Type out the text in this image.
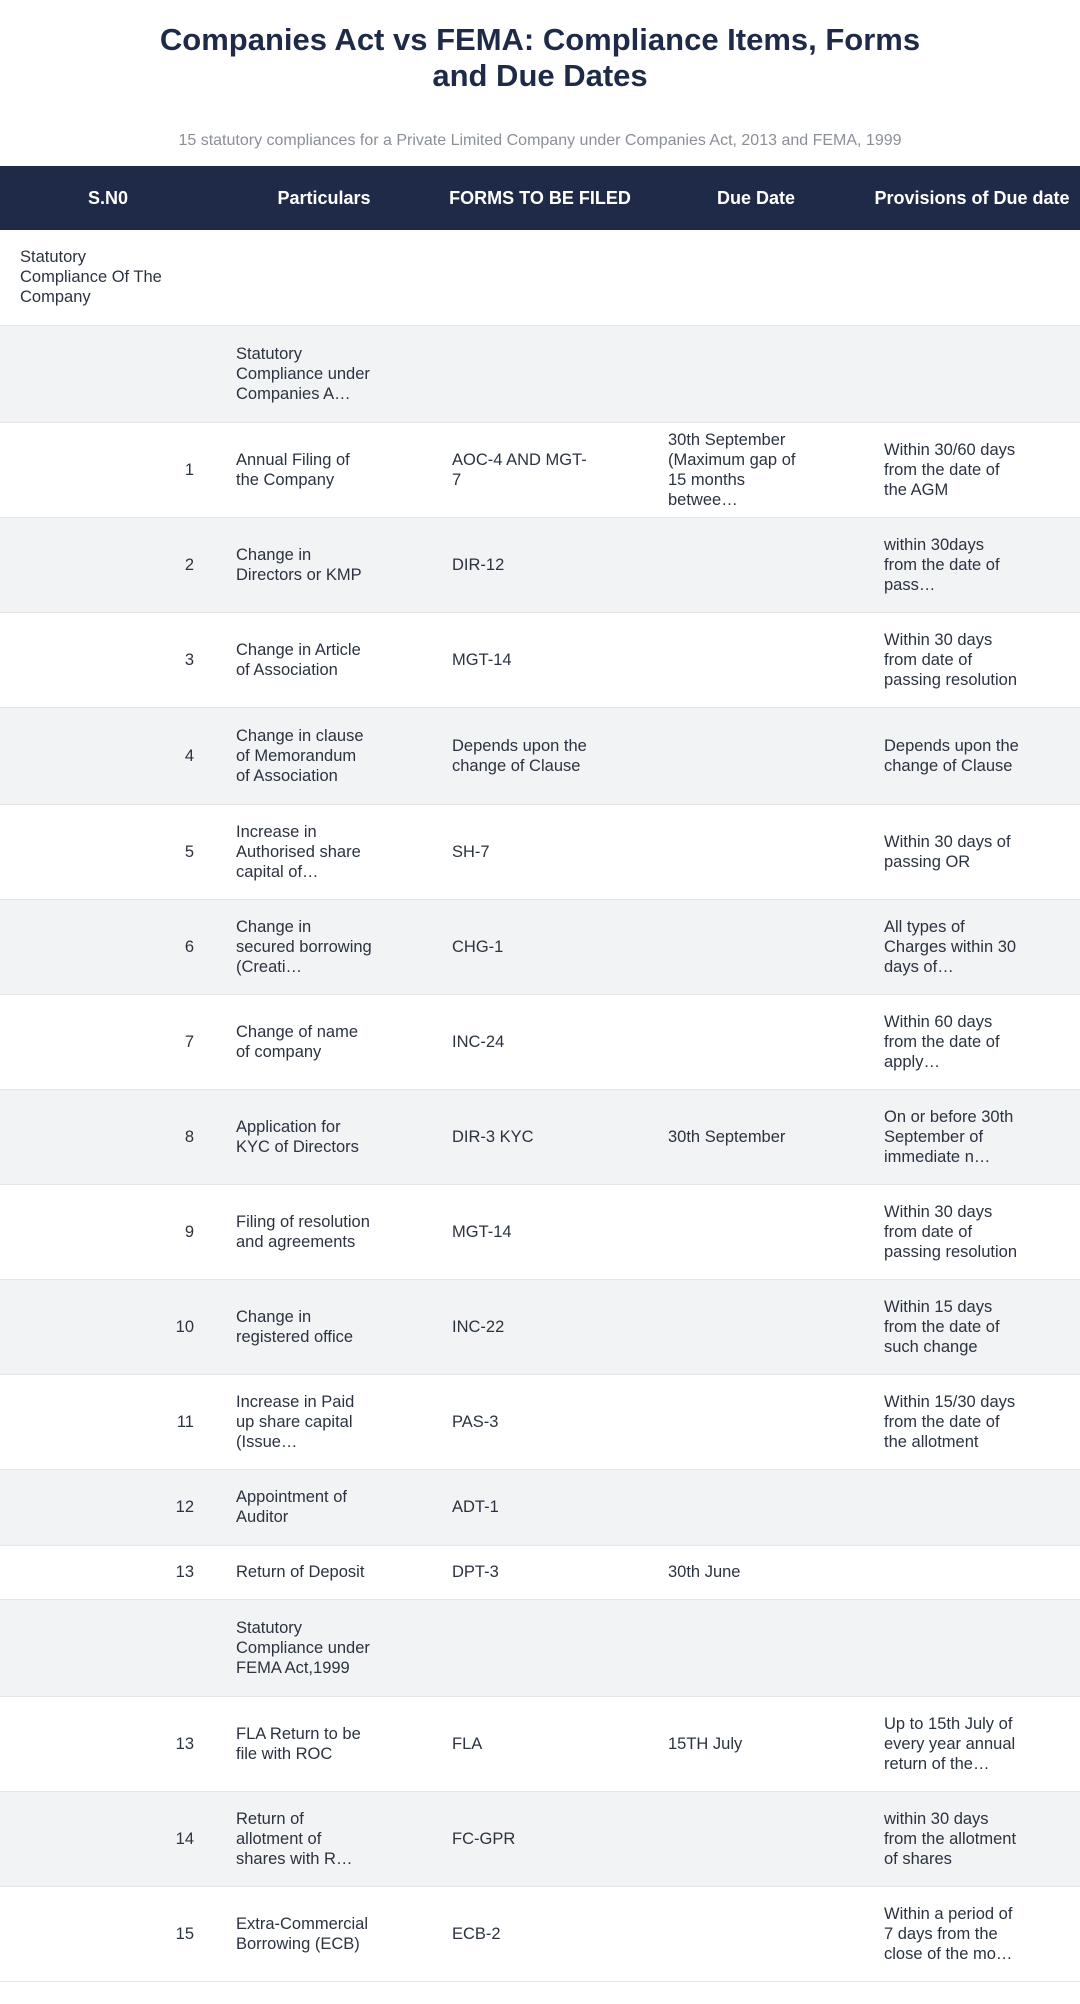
Companies Act vs FEMA: Compliance Items, Forms
and Due Dates

15 statutory compliances for a Private Limited Company under Companies Act, 2013 and FEMA, 1999

S.N0	Particulars	FORMS TO BE FILED	Due Date	Provisions of Due date
Statutory Compliance Of The Company				
	Statutory Compliance under Companies A…			
1	Annual Filing of the Company	AOC-4 AND MGT-7	30th September (Maximum gap of 15 months betwee…	Within 30/60 days from the date of the AGM
2	Change in Directors or KMP	DIR-12		within 30days from the date of pass…
3	Change in Article of Association	MGT-14		Within 30 days from date of passing resolution
4	Change in clause of Memorandum of Association	Depends upon the change of Clause		Depends upon the change of Clause
5	Increase in Authorised share capital of…	SH-7		Within 30 days of passing OR
6	Change in secured borrowing (Creati…	CHG-1		All types of Charges within 30 days of…
7	Change of name of company	INC-24		Within 60 days from the date of apply…
8	Application for KYC of Directors	DIR-3 KYC	30th September	On or before 30th September of immediate n…
9	Filing of resolution and agreements	MGT-14		Within 30 days from date of passing resolution
10	Change in registered office	INC-22		Within 15 days from the date of such change
11	Increase in Paid up share capital (Issue…	PAS-3		Within 15/30 days from the date of the allotment
12	Appointment of Auditor	ADT-1		
13	Return of Deposit	DPT-3	30th June	
	Statutory Compliance under FEMA Act,1999			
13	FLA Return to be file with ROC	FLA	15TH July	Up to 15th July of every year annual return of the…
14	Return of allotment of shares with R…	FC-GPR		within 30 days from the allotment of shares
15	Extra-Commercial Borrowing (ECB)	ECB-2		Within a period of 7 days from the close of the mo…
